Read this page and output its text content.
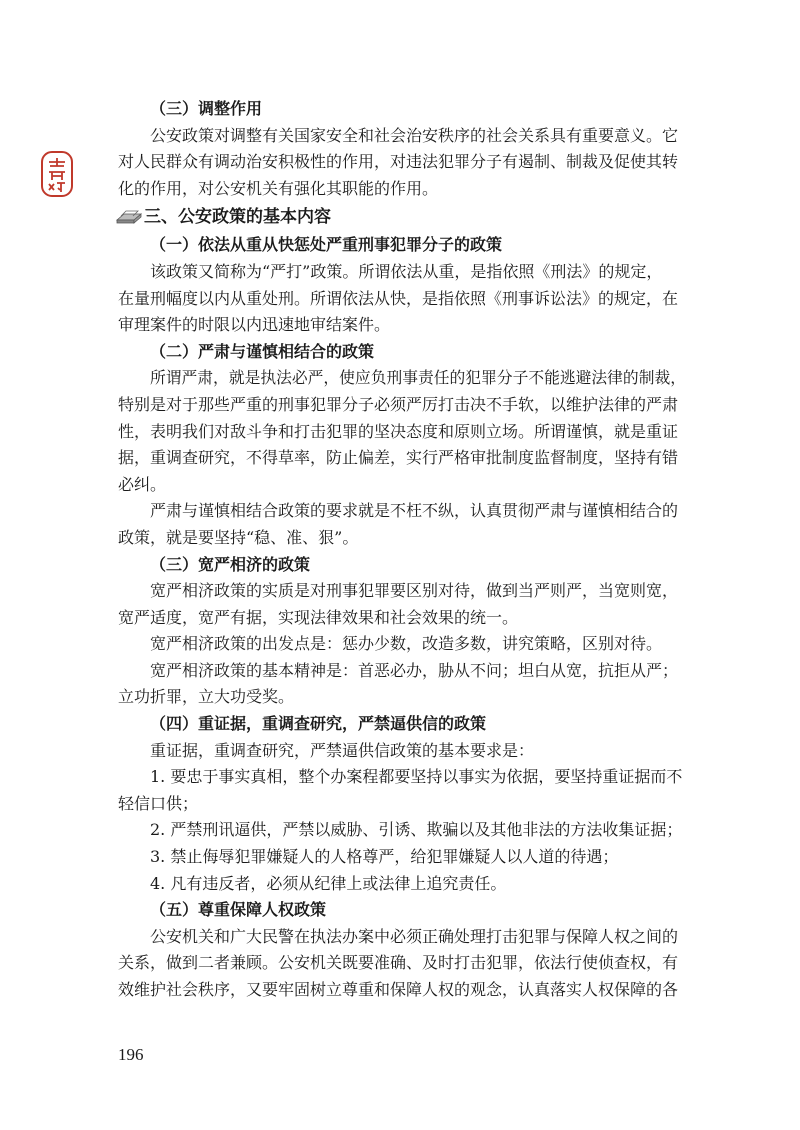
（三）调整作用
公安政策对调整有关国家安全和社会治安秩序的社会关系具有重要意义。它
对人民群众有调动治安积极性的作用，对违法犯罪分子有遏制、制裁及促使其转
化的作用，对公安机关有强化其职能的作用。
三、公安政策的基本内容
（一）依法从重从快惩处严重刑事犯罪分子的政策
该政策又简称为“严打”政策。所谓依法从重，是指依照《刑法》的规定，
在量刑幅度以内从重处刑。所谓依法从快，是指依照《刑事诉讼法》的规定，在
审理案件的时限以内迅速地审结案件。
（二）严肃与谨慎相结合的政策
所谓严肃，就是执法必严，使应负刑事责任的犯罪分子不能逃避法律的制裁，
特别是对于那些严重的刑事犯罪分子必须严厉打击决不手软，以维护法律的严肃
性，表明我们对敌斗争和打击犯罪的坚决态度和原则立场。所谓谨慎，就是重证
据，重调查研究，不得草率，防止偏差，实行严格审批制度监督制度，坚持有错
必纠。
严肃与谨慎相结合政策的要求就是不枉不纵，认真贯彻严肃与谨慎相结合的
政策，就是要坚持“稳、准、狠”。
（三）宽严相济的政策
宽严相济政策的实质是对刑事犯罪要区别对待，做到当严则严，当宽则宽，
宽严适度，宽严有据，实现法律效果和社会效果的统一。
宽严相济政策的出发点是：惩办少数，改造多数，讲究策略，区别对待。
宽严相济政策的基本精神是：首恶必办，胁从不问；坦白从宽，抗拒从严；
立功折罪，立大功受奖。
（四）重证据，重调查研究，严禁逼供信的政策
重证据，重调查研究，严禁逼供信政策的基本要求是：
1. 要忠于事实真相，整个办案程都要坚持以事实为依据，要坚持重证据而不
轻信口供；
2. 严禁刑讯逼供，严禁以威胁、引诱、欺骗以及其他非法的方法收集证据；
3. 禁止侮辱犯罪嫌疑人的人格尊严，给犯罪嫌疑人以人道的待遇；
4. 凡有违反者，必须从纪律上或法律上追究责任。
（五）尊重保障人权政策
公安机关和广大民警在执法办案中必须正确处理打击犯罪与保障人权之间的
关系，做到二者兼顾。公安机关既要准确、及时打击犯罪，依法行使侦查权，有
效维护社会秩序，又要牢固树立尊重和保障人权的观念，认真落实人权保障的各
196
